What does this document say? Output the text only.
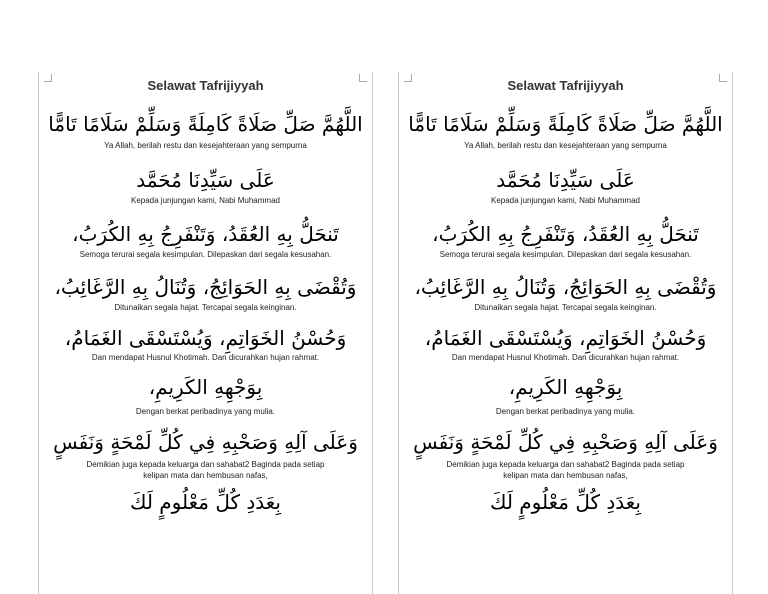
Selawat Tafrijiyyah
اللَّهُمَّ صَلِّ صَلَاةً كَامِلَةً وَسَلِّمْ سَلَامًا تَامًّا
Ya Allah, berilah restu dan kesejahteraan yang sempurna
عَلَى سَيِّدِنَا مُحَمَّد
Kepada junjungan kami, Nabi Muhammad
تَنحَلُّ بِهِ العُقَدُ، وَتَنْفَرِجُ بِهِ الكُرَبُ،
Semoga terurai segala kesimpulan. Dilepaskan dari segala kesusahan.
وَتُقْضَى بِهِ الحَوَائِجُ، وَتُنَالُ بِهِ الرَّغَائِبُ،
Ditunaikan segala hajat. Tercapai segala keinginan.
وَحُسْنُ الخَوَاتِمِ، وَيُسْتَسْقَى الغَمَامُ،
Dan mendapat Husnul Khotimah. Dan dicurahkan hujan rahmat.
بِوَجْهِهِ الكَرِيمِ،
Dengan berkat peribadinya yang mulia.
وَعَلَى آلِهِ وَصَحْبِهِ فِي كُلِّ لَمْحَةٍ وَنَفَسٍ
Demikian juga kepada keluarga dan sahabat2 Baginda pada setiap
kelipan mata dan hembusan nafas,
بِعَدَدِ كُلِّ مَعْلُومٍ لَكَ
Selawat Tafrijiyyah
اللَّهُمَّ صَلِّ صَلَاةً كَامِلَةً وَسَلِّمْ سَلَامًا تَامًّا
Ya Allah, berilah restu dan kesejahteraan yang sempurna
عَلَى سَيِّدِنَا مُحَمَّد
Kepada junjungan kami, Nabi Muhammad
تَنحَلُّ بِهِ العُقَدُ، وَتَنْفَرِجُ بِهِ الكُرَبُ،
Semoga terurai segala kesimpulan. Dilepaskan dari segala kesusahan.
وَتُقْضَى بِهِ الحَوَائِجُ، وَتُنَالُ بِهِ الرَّغَائِبُ،
Ditunaikan segala hajat. Tercapai segala keinginan.
وَحُسْنُ الخَوَاتِمِ، وَيُسْتَسْقَى الغَمَامُ،
Dan mendapat Husnul Khotimah. Dan dicurahkan hujan rahmat.
بِوَجْهِهِ الكَرِيمِ،
Dengan berkat peribadinya yang mulia.
وَعَلَى آلِهِ وَصَحْبِهِ فِي كُلِّ لَمْحَةٍ وَنَفَسٍ
Demikian juga kepada keluarga dan sahabat2 Baginda pada setiap
kelipan mata dan hembusan nafas,
بِعَدَدِ كُلِّ مَعْلُومٍ لَكَ
